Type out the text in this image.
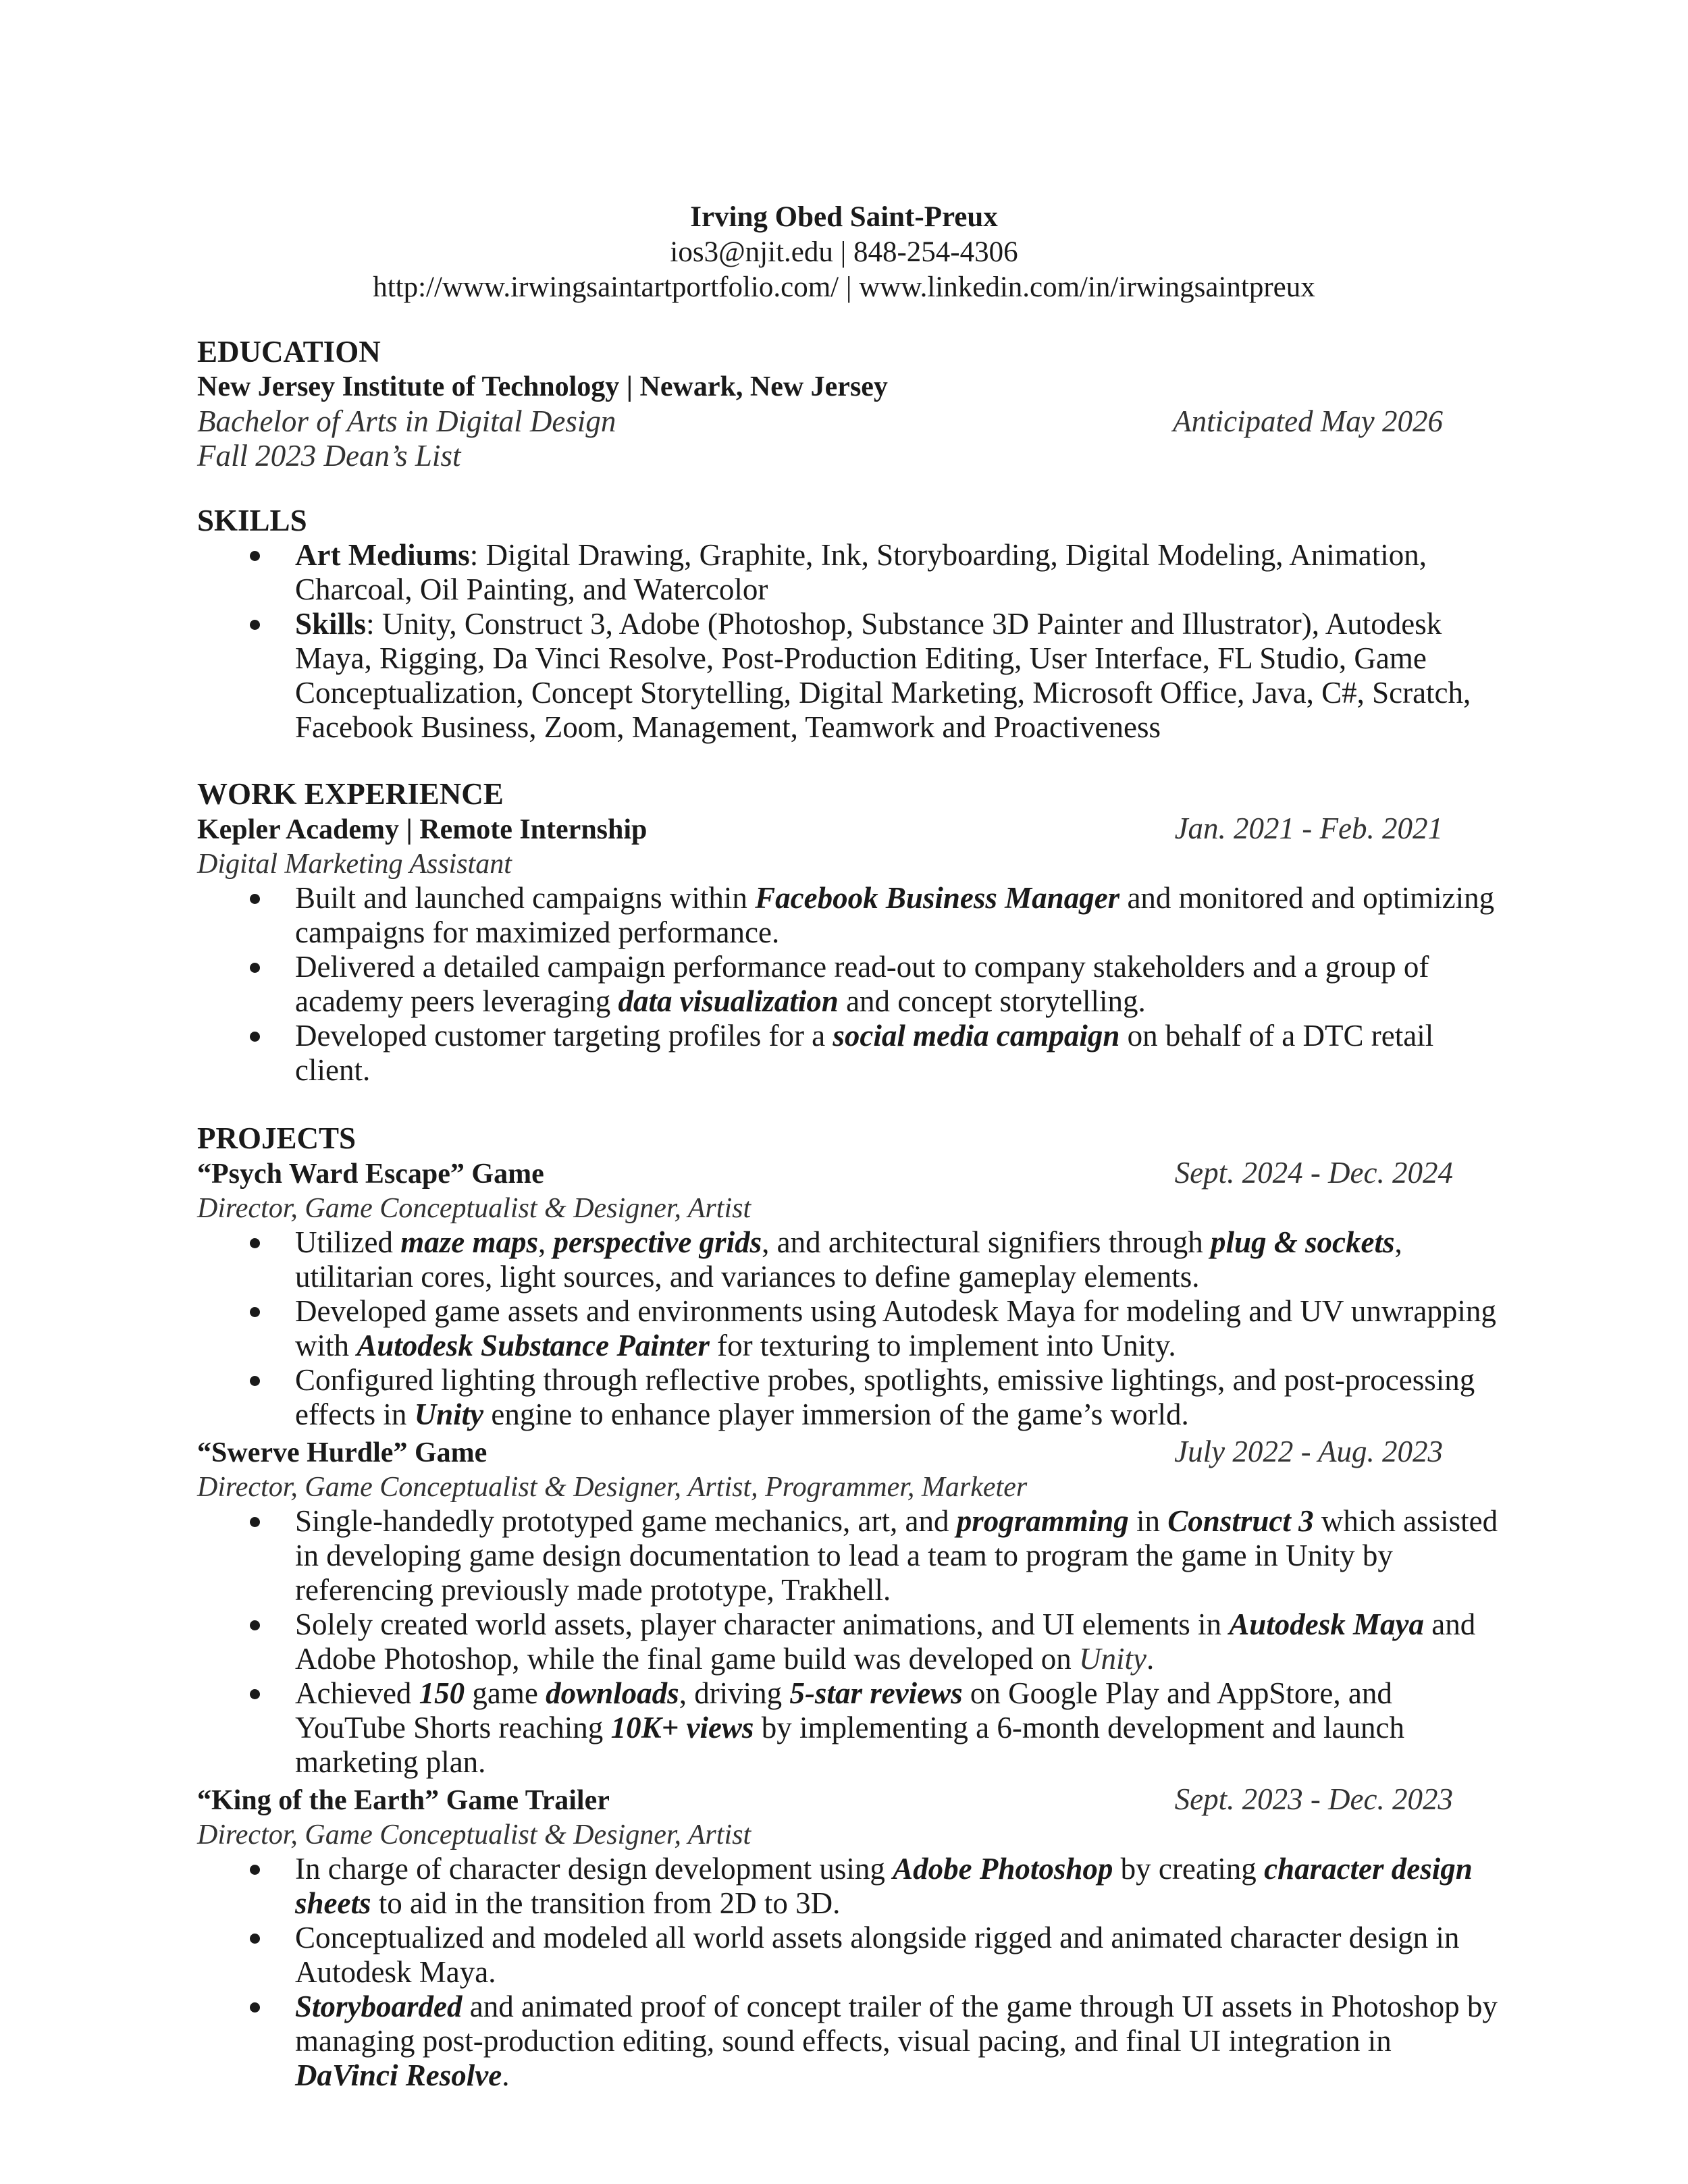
Irving Obed Saint-Preux
ios3@njit.edu | 848-254-4306
http://www.irwingsaintartportfolio.com/ | www.linkedin.com/in/irwingsaintpreux
EDUCATION
New Jersey Institute of Technology | Newark, New Jersey
Bachelor of Arts in Digital Design	Anticipated May 2026
Fall 2023 Dean’s List
SKILLS
Art Mediums: Digital Drawing, Graphite, Ink, Storyboarding, Digital Modeling, Animation, Charcoal, Oil Painting, and Watercolor
Skills: Unity, Construct 3, Adobe (Photoshop, Substance 3D Painter and Illustrator), Autodesk Maya, Rigging, Da Vinci Resolve, Post-Production Editing, User Interface, FL Studio, Game Conceptualization, Concept Storytelling, Digital Marketing, Microsoft Office, Java, C#, Scratch, Facebook Business, Zoom, Management, Teamwork and Proactiveness
WORK EXPERIENCE
Kepler Academy | Remote Internship	Jan. 2021 - Feb. 2021
Digital Marketing Assistant
Built and launched campaigns within Facebook Business Manager and monitored and optimizing campaigns for maximized performance.
Delivered a detailed campaign performance read-out to company stakeholders and a group of academy peers leveraging data visualization and concept storytelling.
Developed customer targeting profiles for a social media campaign on behalf of a DTC retail client.
PROJECTS
“Psych Ward Escape” Game	Sept. 2024 - Dec. 2024
Director, Game Conceptualist & Designer, Artist
Utilized maze maps, perspective grids, and architectural signifiers through plug & sockets, utilitarian cores, light sources, and variances to define gameplay elements.
Developed game assets and environments using Autodesk Maya for modeling and UV unwrapping with Autodesk Substance Painter for texturing to implement into Unity.
Configured lighting through reflective probes, spotlights, emissive lightings, and post-processing effects in Unity engine to enhance player immersion of the game’s world.
“Swerve Hurdle” Game	July 2022 - Aug. 2023
Director, Game Conceptualist & Designer, Artist, Programmer, Marketer
Single-handedly prototyped game mechanics, art, and programming in Construct 3 which assisted in developing game design documentation to lead a team to program the game in Unity by referencing previously made prototype, Trakhell.
Solely created world assets, player character animations, and UI elements in Autodesk Maya and Adobe Photoshop, while the final game build was developed on Unity.
Achieved 150 game downloads, driving 5-star reviews on Google Play and AppStore, and YouTube Shorts reaching 10K+ views by implementing a 6-month development and launch marketing plan.
“King of the Earth” Game Trailer	Sept. 2023 - Dec. 2023
Director, Game Conceptualist & Designer, Artist
In charge of character design development using Adobe Photoshop by creating character design sheets to aid in the transition from 2D to 3D.
Conceptualized and modeled all world assets alongside rigged and animated character design in Autodesk Maya.
Storyboarded and animated proof of concept trailer of the game through UI assets in Photoshop by managing post-production editing, sound effects, visual pacing, and final UI integration in DaVinci Resolve.
